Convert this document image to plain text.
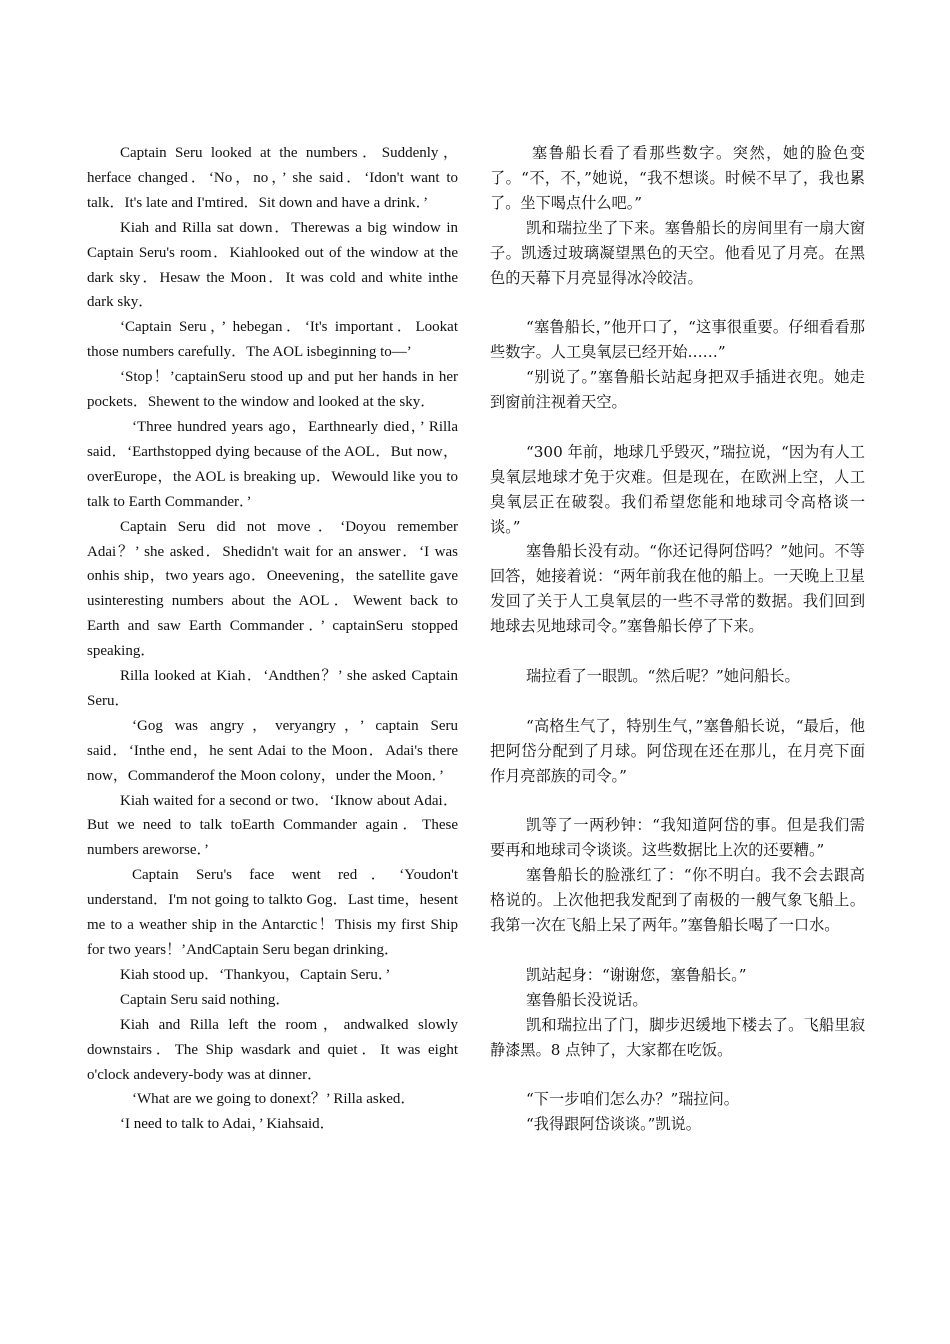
Captain Seru looked at the numbers．Suddenly，herface changed．‘No，no，’ she said．‘Idon't want to talk．It's late and I'mtired．Sit down and have a drink．’

Kiah and Rilla sat down．Therewas a big window in Captain Seru's room．Kiahlooked out of the window at the dark sky．Hesaw the Moon．It was cold and white inthe dark sky．

‘Captain Seru，’ hebegan．‘It's important．Lookat those numbers carefully．The AOL isbeginning to—’

‘Stop！’captainSeru stood up and put her hands in her pockets．Shewent to the window and looked at the sky．

‘Three hundred years ago，Earthnearly died，’ Rilla said．‘Earthstopped dying because of the AOL．But now，overEurope，the AOL is breaking up．Wewould like you to talk to Earth Commander．’

Captain Seru did not move．‘Doyou remember Adai？’ she asked．Shedidn't wait for an answer．‘I was onhis ship，two years ago．Oneevening，the satellite gave usinteresting numbers about the AOL．Wewent back to Earth and saw Earth Commander．’ captainSeru stopped speaking．

Rilla looked at Kiah．‘Andthen？’ she asked Captain Seru．

‘Gog was angry，veryangry，’ captain Seru said．‘Inthe end，he sent Adai to the Moon．Adai's there now，Commanderof the Moon colony，under the Moon．’

Kiah waited for a second or two．‘Iknow about Adai． But we need to talk toEarth Commander again．These numbers areworse．’

Captain Seru's face went red．‘Youdon't understand．I'm not going to talkto Gog．Last time，hesent me to a weather ship in the Antarctic！Thisis my first Ship for two years！’AndCaptain Seru began drinking．

Kiah stood up．‘Thankyou，Captain Seru．’

Captain Seru said nothing．

Kiah and Rilla left the room，andwalked slowly downstairs．The Ship wasdark and quiet．It was eight o'clock andevery-body was at dinner．

‘What are we going to donext？’ Rilla asked．

‘I need to talk to Adai，’ Kiahsaid．

塞鲁船长看了看那些数字。突然，她的脸色变了。“不，不，”她说，“我不想谈。时候不早了，我也累了。坐下喝点什么吧。”

凯和瑞拉坐了下来。塞鲁船长的房间里有一扇大窗子。凯透过玻璃凝望黑色的天空。他看见了月亮。在黑色的天幕下月亮显得冰冷皎洁。

“塞鲁船长，”他开口了，“这事很重要。仔细看看那些数字。人工臭氧层已经开始……”

“别说了。”塞鲁船长站起身把双手插进衣兜。她走到窗前注视着天空。

“300 年前，地球几乎毁灭，”瑞拉说，“因为有人工臭氧层地球才免于灾难。但是现在，在欧洲上空，人工臭氧层正在破裂。我们希望您能和地球司令高格谈一谈。”

塞鲁船长没有动。“你还记得阿岱吗？”她问。不等回答，她接着说：“两年前我在他的船上。一天晚上卫星发回了关于人工臭氧层的一些不寻常的数据。我们回到地球去见地球司令。”塞鲁船长停了下来。

瑞拉看了一眼凯。“然后呢？”她问船长。

“高格生气了，特别生气，”塞鲁船长说，“最后，他把阿岱分配到了月球。阿岱现在还在那儿，在月亮下面作月亮部族的司令。”

凯等了一两秒钟：“我知道阿岱的事。但是我们需要再和地球司令谈谈。这些数据比上次的还要糟。”

塞鲁船长的脸涨红了：“你不明白。我不会去跟高格说的。上次他把我发配到了南极的一艘气象飞船上。我第一次在飞船上呆了两年。”塞鲁船长喝了一口水。

凯站起身：“谢谢您，塞鲁船长。”

塞鲁船长没说话。

凯和瑞拉出了门，脚步迟缓地下楼去了。飞船里寂静漆黑。8 点钟了，大家都在吃饭。

“下一步咱们怎么办？”瑞拉问。

“我得跟阿岱谈谈。”凯说。
